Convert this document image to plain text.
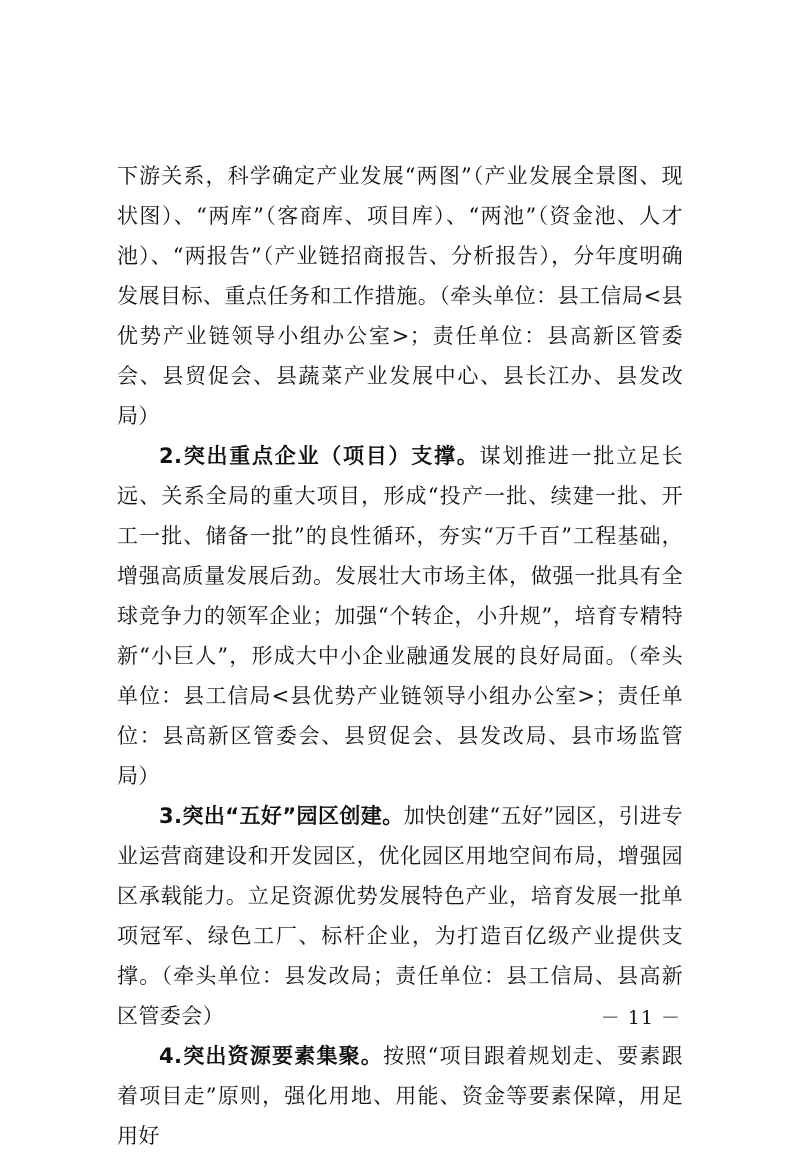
下游关系，科学确定产业发展“两图”（产业发展全景图、现状图）、“两库”（客商库、项目库）、“两池”（资金池、人才池）、“两报告”（产业链招商报告、分析报告），分年度明确发展目标、重点任务和工作措施。（牵头单位：县工信局<县优势产业链领导小组办公室>；责任单位：县高新区管委会、县贸促会、县蔬菜产业发展中心、县长江办、县发改局）

2.突出重点企业（项目）支撑。谋划推进一批立足长远、关系全局的重大项目，形成“投产一批、续建一批、开工一批、储备一批”的良性循环，夯实“万千百”工程基础，增强高质量发展后劲。发展壮大市场主体，做强一批具有全球竞争力的领军企业；加强“个转企，小升规”，培育专精特新“小巨人”，形成大中小企业融通发展的良好局面。（牵头单位：县工信局<县优势产业链领导小组办公室>；责任单位：县高新区管委会、县贸促会、县发改局、县市场监管局）

3.突出“五好”园区创建。加快创建“五好”园区，引进专业运营商建设和开发园区，优化园区用地空间布局，增强园区承载能力。立足资源优势发展特色产业，培育发展一批单项冠军、绿色工厂、标杆企业，为打造百亿级产业提供支撑。（牵头单位：县发改局；责任单位：县工信局、县高新区管委会）

4.突出资源要素集聚。按照“项目跟着规划走、要素跟着项目走”原则，强化用地、用能、资金等要素保障，用足用好

－ 11 －
